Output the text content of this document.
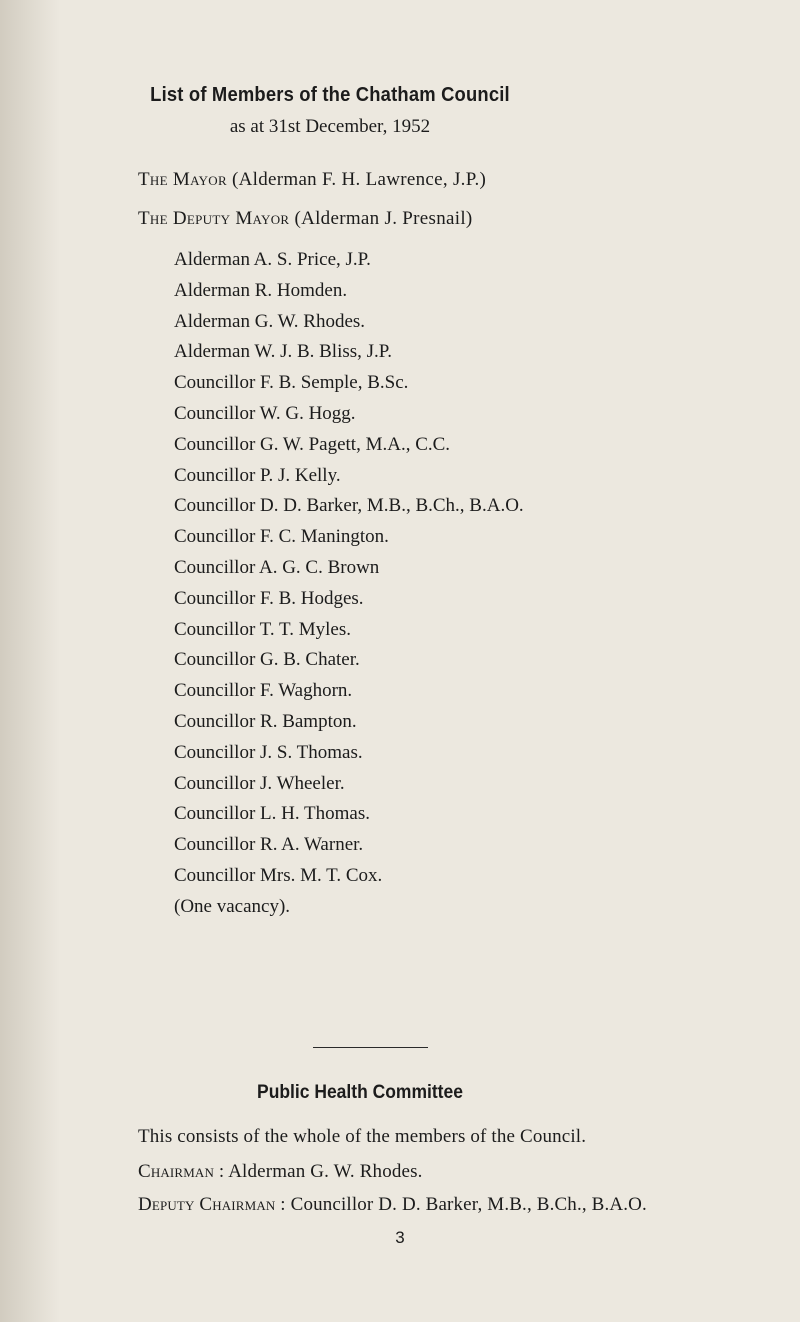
List of Members of the Chatham Council
as at 31st December, 1952
The Mayor (Alderman F. H. Lawrence, J.P.)
The Deputy Mayor (Alderman J. Presnail)
Alderman A. S. Price, J.P.
Alderman R. Homden.
Alderman G. W. Rhodes.
Alderman W. J. B. Bliss, J.P.
Councillor F. B. Semple, B.Sc.
Councillor W. G. Hogg.
Councillor G. W. Pagett, M.A., C.C.
Councillor P. J. Kelly.
Councillor D. D. Barker, M.B., B.Ch., B.A.O.
Councillor F. C. Manington.
Councillor A. G. C. Brown
Councillor F. B. Hodges.
Councillor T. T. Myles.
Councillor G. B. Chater.
Councillor F. Waghorn.
Councillor R. Bampton.
Councillor J. S. Thomas.
Councillor J. Wheeler.
Councillor L. H. Thomas.
Councillor R. A. Warner.
Councillor Mrs. M. T. Cox.
(One vacancy).
Public Health Committee
This consists of the whole of the members of the Council.
Chairman : Alderman G. W. Rhodes.
Deputy Chairman : Councillor D. D. Barker, M.B., B.Ch., B.A.O.
3
